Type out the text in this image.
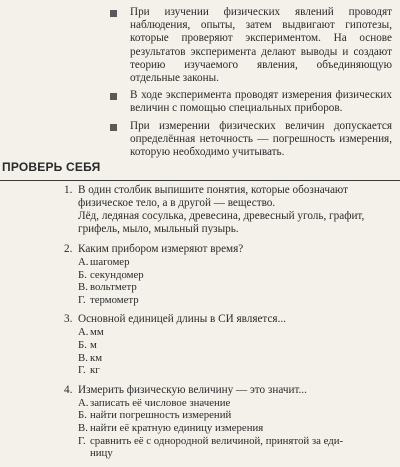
При изучении физических явлений проводят наблюдения, опыты, затем выдвигают гипотезы, которые проверяют экспериментом. На основе результатов эксперимента делают выводы и создают теорию изучаемого явления, объединяющую отдельные законы.
В ходе эксперимента проводят измерения физических величин с помощью специальных приборов.
При измерении физических величин допускается определённая неточность — погрешность измерения, которую необходимо учитывать.
ПРОВЕРЬ СЕБЯ
1. В один столбик выпишите понятия, которые обозначают физическое тело, а в другой — вещество.
Лёд, ледяная сосулька, древесина, древесный уголь, графит, грифель, мыло, мыльный пузырь.
2. Каким прибором измеряют время?
А. шагомер
Б. секундомер
В. вольтметр
Г. термометр
3. Основной единицей длины в СИ является...
А. мм
Б. м
В. км
Г. кг
4. Измерить физическую величину — это значит...
А. записать её числовое значение
Б. найти погрешность измерений
В. найти её кратную единицу измерения
Г. сравнить её с однородной величиной, принятой за еди-
ницу
